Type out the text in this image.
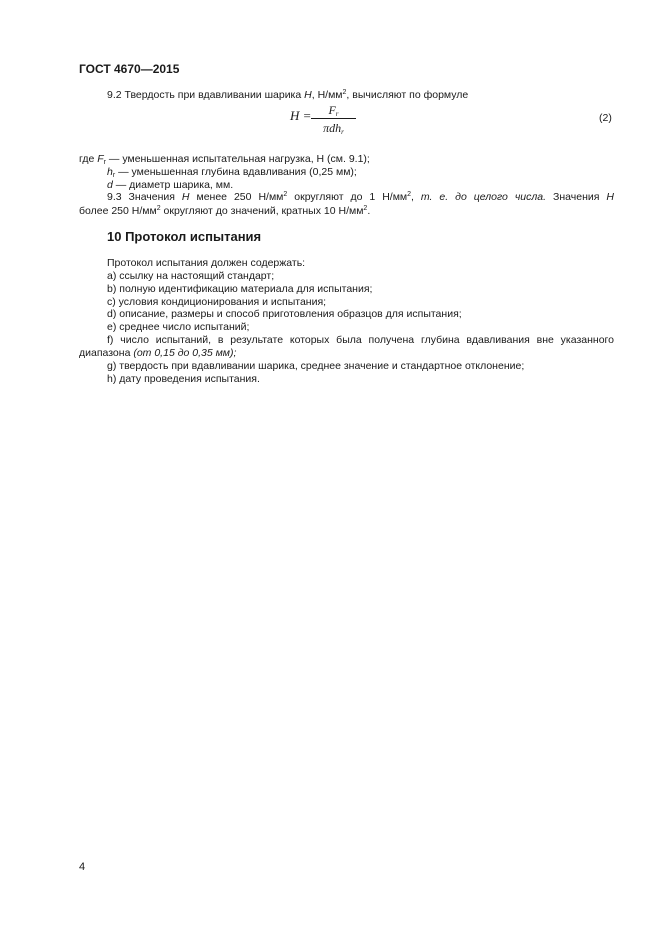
ГОСТ 4670—2015
9.2 Твердость при вдавливании шарика H, $Н/мм^2$, вычисляют по формуле
H =	$F_r$
πdh$_r$
(2)
где $F_r$ — уменьшенная испытательная нагрузка, Н (см. 9.1);
$h_r$ — уменьшенная глубина вдавливания (0,25 мм);
d — диаметр шарика, мм.
9.3 Значения H менее 250 $Н/мм^2$ округляют до 1 $Н/мм^2$, т. е. до целого числа. Значения H
более 250 $Н/мм^2$ округляют до значений, кратных 10 $Н/мм^2$.
10 Протокол испытания
Протокол испытания должен содержать:
a) ссылку на настоящий стандарт;
b) полную идентификацию материала для испытания;
c) условия кондиционирования и испытания;
d) описание, размеры и способ приготовления образцов для испытания;
e) среднее число испытаний;
f) число испытаний, в результате которых была получена глубина вдавливания вне указанного
диапазона (от 0,15 до 0,35 мм);
g) твердость при вдавливании шарика, среднее значение и стандартное отклонение;
h) дату проведения испытания.
4
